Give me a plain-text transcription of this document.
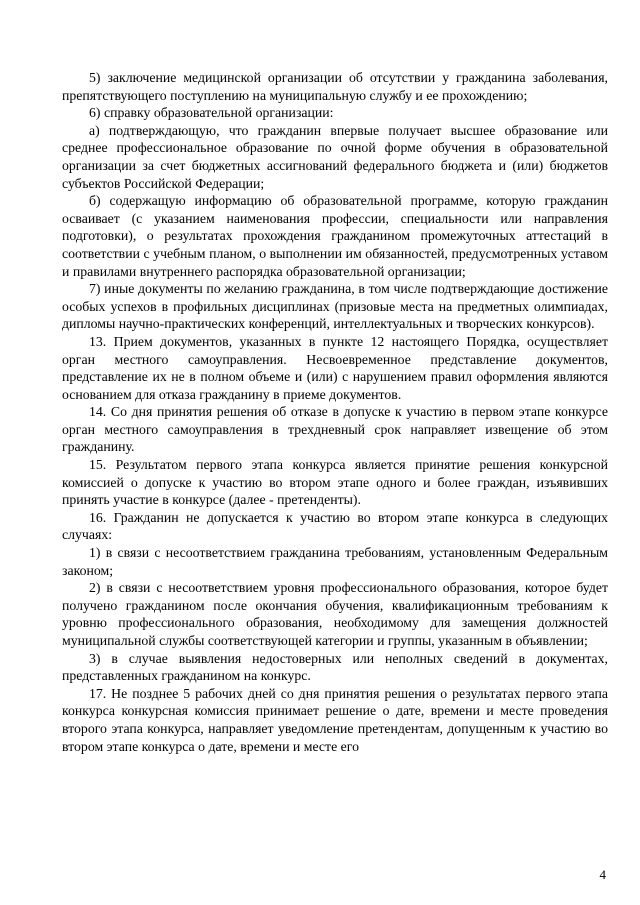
5) заключение медицинской организации об отсутствии у гражданина заболевания, препятствующего поступлению на муниципальную службу и ее прохождению;

6) справку образовательной организации:

а) подтверждающую, что гражданин впервые получает высшее образование или среднее профессиональное образование по очной форме обучения в образовательной организации за счет бюджетных ассигнований федерального бюджета и (или) бюджетов субъектов Российской Федерации;

б) содержащую информацию об образовательной программе, которую гражданин осваивает (с указанием наименования профессии, специальности или направления подготовки), о результатах прохождения гражданином промежуточных аттестаций в соответствии с учебным планом, о выполнении им обязанностей, предусмотренных уставом и правилами внутреннего распорядка образовательной организации;

7) иные документы по желанию гражданина, в том числе подтверждающие достижение особых успехов в профильных дисциплинах (призовые места на предметных олимпиадах, дипломы научно-практических конференций, интеллектуальных и творческих конкурсов).

13. Прием документов, указанных в пункте 12 настоящего Порядка, осуществляет орган местного самоуправления. Несвоевременное представление документов, представление их не в полном объеме и (или) с нарушением правил оформления являются основанием для отказа гражданину в приеме документов.

14. Со дня принятия решения об отказе в допуске к участию в первом этапе конкурсе орган местного самоуправления в трехдневный срок направляет извещение об этом гражданину.

15. Результатом первого этапа конкурса является принятие решения конкурсной комиссией о допуске к участию во втором этапе одного и более граждан, изъявивших принять участие в конкурсе (далее - претенденты).

16. Гражданин не допускается к участию во втором этапе конкурса в следующих случаях:

1) в связи с несоответствием гражданина требованиям, установленным Федеральным законом;

2) в связи с несоответствием уровня профессионального образования, которое будет получено гражданином после окончания обучения, квалификационным требованиям к уровню профессионального образования, необходимому для замещения должностей муниципальной службы соответствующей категории и группы, указанным в объявлении;

3) в случае выявления недостоверных или неполных сведений в документах, представленных гражданином на конкурс.

17. Не позднее 5 рабочих дней со дня принятия решения о результатах первого этапа конкурса конкурсная комиссия принимает решение о дате, времени и месте проведения второго этапа конкурса, направляет уведомление претендентам, допущенным к участию во втором этапе конкурса о дате, времени и месте его

4
